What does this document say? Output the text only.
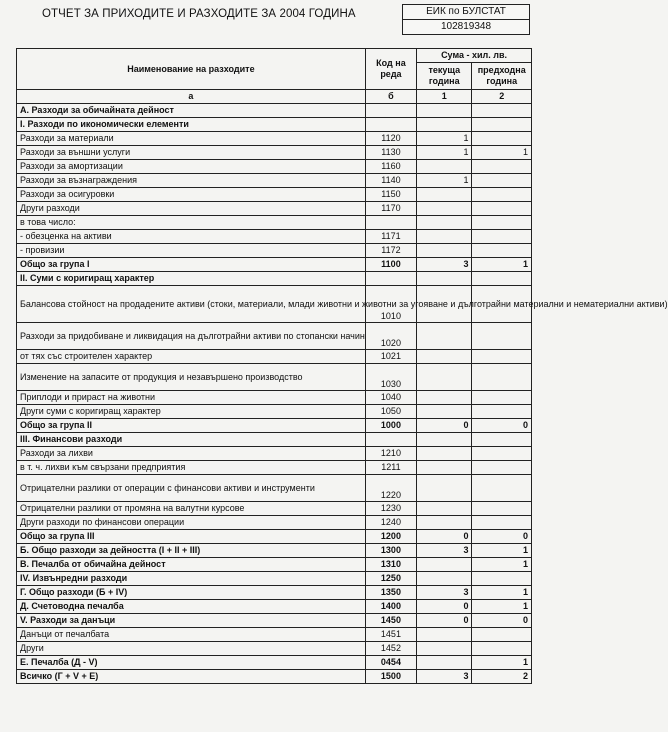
ОТЧЕТ ЗА ПРИХОДИТЕ И РАЗХОДИТЕ ЗА 2004 ГОДИНА	ЕИК по БУЛСТАТ
102819348
Наименование на разходите	Код на реда	Сума - хил. лв.	
		текуща година	предходна година
а	б	1	2
А. Разходи за обичайната дейност			
І. Разходи по икономически елементи			
Разходи за материали	1120	1	
Разходи за външни услуги	1130	1	1
Разходи за амортизации	1160		
Разходи за възнаграждения	1140	1	
Разходи за осигуровки	1150		
Други разходи	1170		
в това число:			
- обезценка на активи	1171		
- провизии	1172		
Общо за група І	1100	3	1
ІІ. Суми с коригиращ характер			
Балансова стойност на продадените активи (стоки, материали, млади животни и животни за угояване и дълготрайни материални и нематериални активи)	1010		
Разходи за придобиване и ликвидация на дълготрайни активи по стопански начин	1020		
от тях със строителен характер	1021		
Изменение на запасите от продукция и незавършено производство	1030		
Приплоди и прираст на животни	1040		
Други суми с коригиращ характер	1050		
Общо за група ІІ	1000	0	0
ІІІ. Финансови разходи			
Разходи за лихви	1210		
в т. ч. лихви към свързани предприятия	1211		
Отрицателни разлики от операции с финансови активи и инструменти	1220		
Отрицателни разлики от промяна на валутни курсове	1230		
Други разходи по финансови операции	1240		
Общо за група ІІІ	1200	0	0
Б. Общо разходи за дейността (І + ІІ + ІІІ)	1300	3	1
В. Печалба от обичайна дейност	1310		1
ІV. Извънредни разходи	1250		
Г. Общо разходи (Б + ІV)	1350	3	1
Д. Счетоводна печалба	1400	0	1
V. Разходи за данъци	1450	0	0
Данъци от печалбата	1451		
Други	1452		
Е. Печалба (Д - V)	0454		1
Всичко (Г + V + Е)	1500	3	2
